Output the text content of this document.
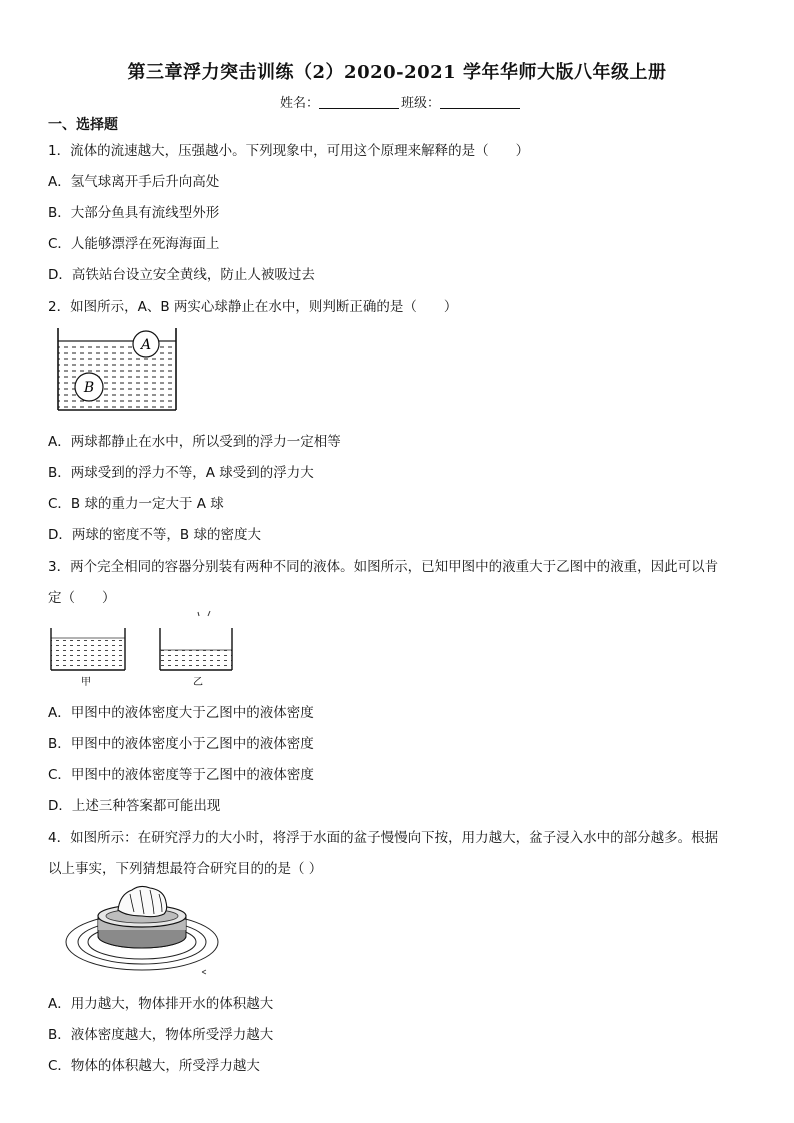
第三章浮力突击训练（2）2020-2021 学年华师大版八年级上册
姓名：	班级：
一、选择题
1．流体的流速越大，压强越小。下列现象中，可用这个原理来解释的是（　　）
A．氢气球离开手后升向高处
B．大部分鱼具有流线型外形
C．人能够漂浮在死海海面上
D．高铁站台设立安全黄线，防止人被吸过去
2．如图所示，A、B 两实心球静止在水中，则判断正确的是（　　）
A
B
A．两球都静止在水中，所以受到的浮力一定相等
B．两球受到的浮力不等，A 球受到的浮力大
C．B 球的重力一定大于 A 球
D．两球的密度不等，B 球的密度大
3．两个完全相同的容器分别装有两种不同的液体。如图所示，已知甲图中的液重大于乙图中的液重，因此可以肯
定（　　）
甲	乙
A．甲图中的液体密度大于乙图中的液体密度
B．甲图中的液体密度小于乙图中的液体密度
C．甲图中的液体密度等于乙图中的液体密度
D．上述三种答案都可能出现
4．如图所示：在研究浮力的大小时，将浮于水面的盆子慢慢向下按，用力越大，盆子浸入水中的部分越多。根据
以上事实，下列猜想最符合研究目的的是（ ）
A．用力越大，物体排开水的体积越大
B．液体密度越大，物体所受浮力越大
C．物体的体积越大，所受浮力越大
